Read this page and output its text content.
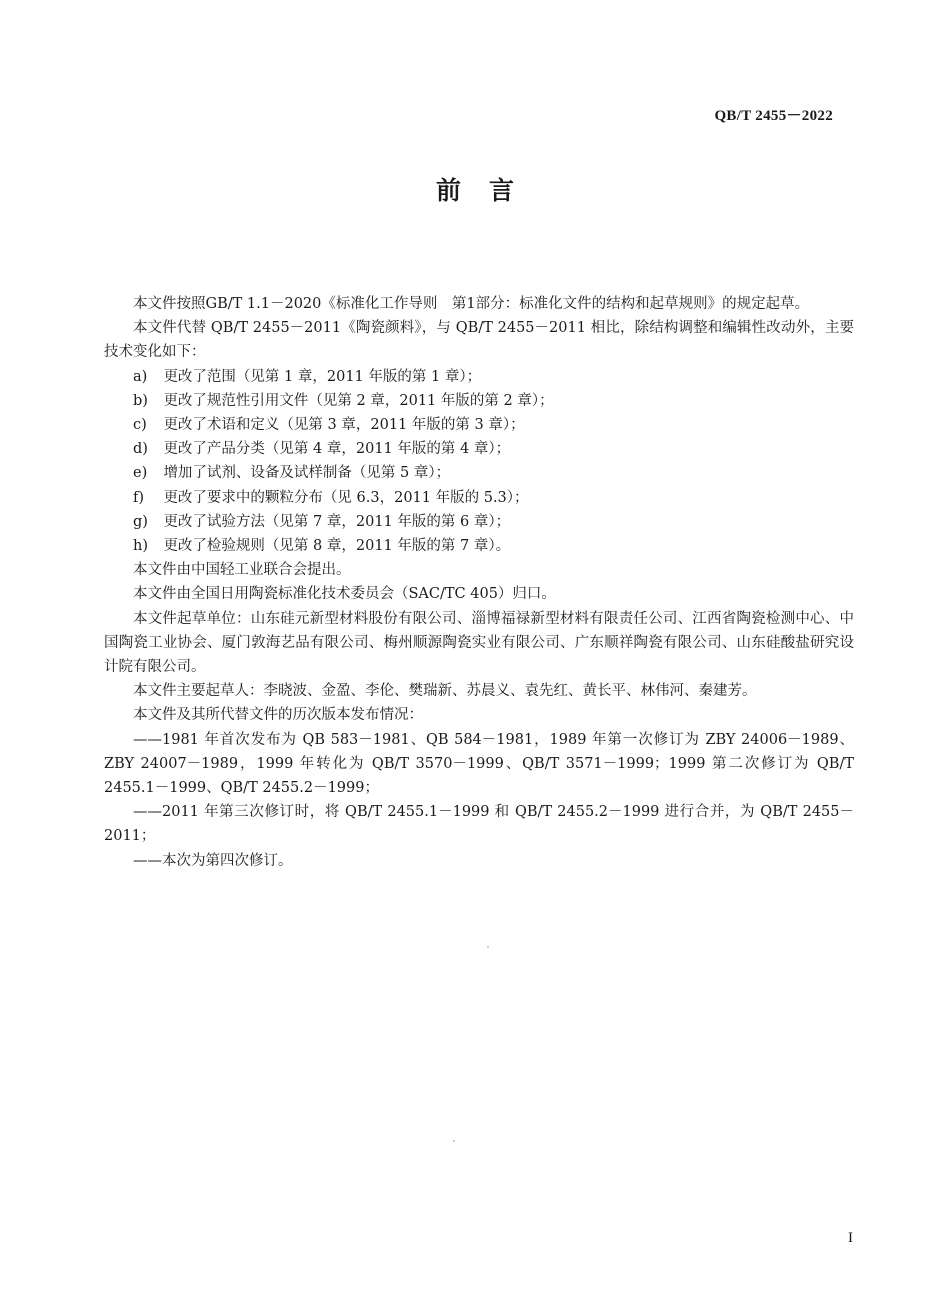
QB/T 2455－2022
前 言

本文件按照GB/T 1.1－2020《标准化工作导则　第1部分：标准化文件的结构和起草规则》的规定起草。

本文件代替 QB/T 2455－2011《陶瓷颜料》，与 QB/T 2455－2011 相比，除结构调整和编辑性改动外，主要技术变化如下：

a) 更改了范围（见第 1 章，2011 年版的第 1 章）；
b) 更改了规范性引用文件（见第 2 章，2011 年版的第 2 章）；
c) 更改了术语和定义（见第 3 章，2011 年版的第 3 章）；
d) 更改了产品分类（见第 4 章，2011 年版的第 4 章）；
e) 增加了试剂、设备及试样制备（见第 5 章）；
f) 更改了要求中的颗粒分布（见 6.3，2011 年版的 5.3）；
g) 更改了试验方法（见第 7 章，2011 年版的第 6 章）；
h) 更改了检验规则（见第 8 章，2011 年版的第 7 章）。

本文件由中国轻工业联合会提出。

本文件由全国日用陶瓷标准化技术委员会（SAC/TC 405）归口。

本文件起草单位：山东硅元新型材料股份有限公司、淄博福禄新型材料有限责任公司、江西省陶瓷检测中心、中国陶瓷工业协会、厦门敦海艺品有限公司、梅州顺源陶瓷实业有限公司、广东顺祥陶瓷有限公司、山东硅酸盐研究设计院有限公司。

本文件主要起草人：李晓波、金盈、李伦、樊瑞新、苏晨义、袁先红、黄长平、林伟河、秦建芳。

本文件及其所代替文件的历次版本发布情况：

——1981 年首次发布为 QB 583－1981、QB 584－1981，1989 年第一次修订为 ZBY 24006－1989、ZBY 24007－1989，1999 年转化为 QB/T 3570－1999、QB/T 3571－1999；1999 第二次修订为 QB/T 2455.1－1999、QB/T 2455.2－1999；

——2011 年第三次修订时，将 QB/T 2455.1－1999 和 QB/T 2455.2－1999 进行合并，为 QB/T 2455－2011；

——本次为第四次修订。

I
